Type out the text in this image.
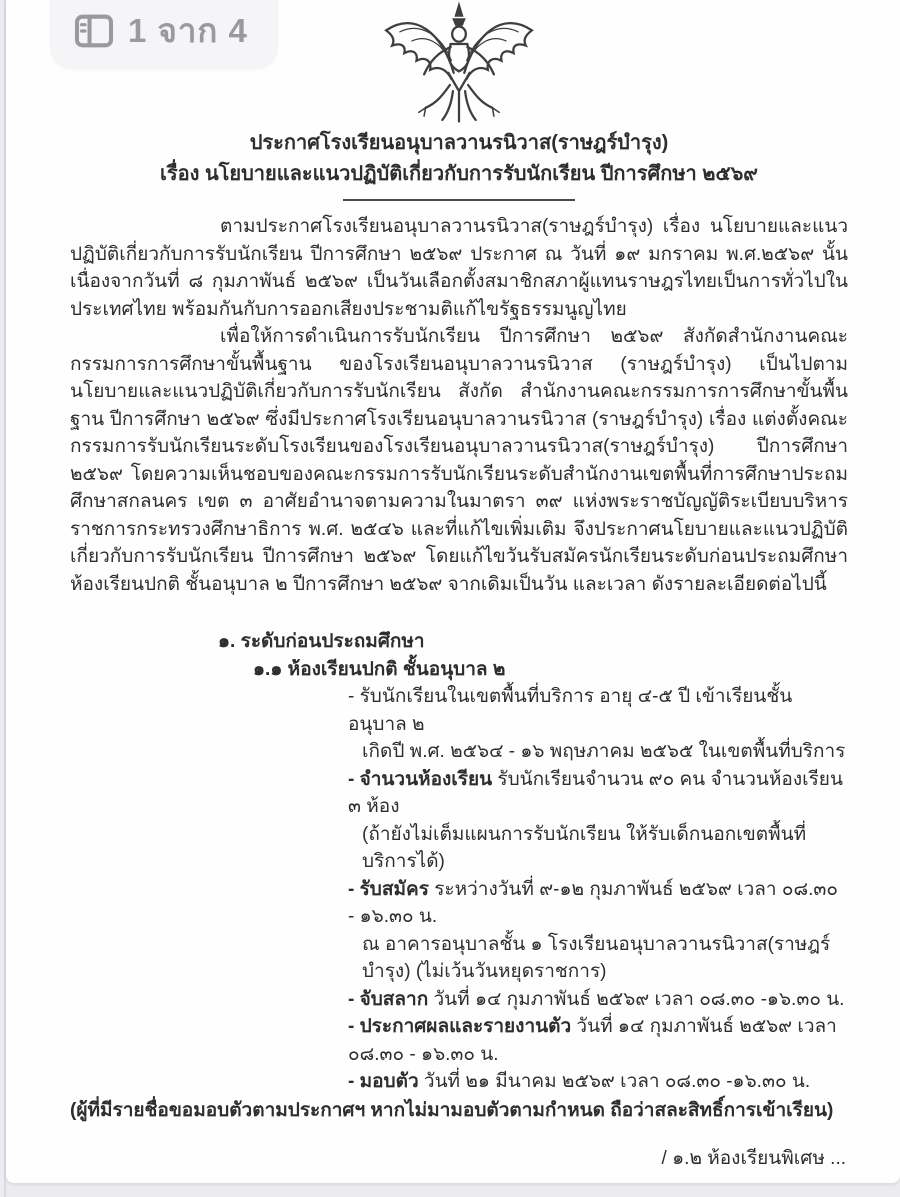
ประกาศโรงเรียนอนุบาลวานรนิวาส(ราษฎร์บำรุง)
เรื่อง นโยบายและแนวปฏิบัติเกี่ยวกับการรับนักเรียน ปีการศึกษา ๒๕๖๙
ตามประกาศโรงเรียนอนุบาลวานรนิวาส(ราษฎร์บำรุง) เรื่อง นโยบายและแนวปฏิบัติเกี่ยวกับการรับนักเรียน ปีการศึกษา ๒๕๖๙ ประกาศ ณ วันที่ ๑๙ มกราคม พ.ศ.๒๕๖๙ นั้น เนื่องจากวันที่ ๘ กุมภาพันธ์ ๒๕๖๙ เป็นวันเลือกตั้งสมาชิกสภาผู้แทนราษฎรไทยเป็นการทั่วไปในประเทศไทย พร้อมกันกับการออกเสียงประชามติแก้ไขรัฐธรรมนูญไทย
เพื่อให้การดำเนินการรับนักเรียน ปีการศึกษา ๒๕๖๙ สังกัดสำนักงานคณะกรรมการการศึกษาขั้นพื้นฐาน ของโรงเรียนอนุบาลวานรนิวาส (ราษฎร์บำรุง) เป็นไปตามนโยบายและแนวปฏิบัติเกี่ยวกับการรับนักเรียน สังกัด สำนักงานคณะกรรมการการศึกษาขั้นพื้นฐาน ปีการศึกษา ๒๕๖๙ ซึ่งมีประกาศโรงเรียนอนุบาลวานรนิวาส (ราษฎร์บำรุง) เรื่อง แต่งตั้งคณะกรรมการรับนักเรียนระดับโรงเรียนของโรงเรียนอนุบาลวานรนิวาส(ราษฎร์บำรุง) ปีการศึกษา ๒๕๖๙ โดยความเห็นชอบของคณะกรรมการรับนักเรียนระดับสำนักงานเขตพื้นที่การศึกษาประถมศึกษาสกลนคร เขต ๓ อาศัยอำนาจตามความในมาตรา ๓๙ แห่งพระราชบัญญัติระเบียบบริหารราชการกระทรวงศึกษาธิการ พ.ศ. ๒๕๔๖ และที่แก้ไขเพิ่มเติม จึงประกาศนโยบายและแนวปฏิบัติเกี่ยวกับการรับนักเรียน ปีการศึกษา ๒๕๖๙ โดยแก้ไขวันรับสมัครนักเรียนระดับก่อนประถมศึกษา ห้องเรียนปกติ ชั้นอนุบาล ๒ ปีการศึกษา ๒๕๖๙ จากเดิมเป็นวัน และเวลา ดังรายละเอียดต่อไปนี้
๑. ระดับก่อนประถมศึกษา
๑.๑ ห้องเรียนปกติ ชั้นอนุบาล ๒
- รับนักเรียนในเขตพื้นที่บริการ อายุ ๔-๕ ปี เข้าเรียนชั้นอนุบาล ๒
เกิดปี พ.ศ. ๒๕๖๔ - ๑๖ พฤษภาคม ๒๕๖๕ ในเขตพื้นที่บริการ
- จำนวนห้องเรียน รับนักเรียนจำนวน ๙๐ คน จำนวนห้องเรียน ๓ ห้อง
(ถ้ายังไม่เต็มแผนการรับนักเรียน ให้รับเด็กนอกเขตพื้นที่บริการได้)
- รับสมัคร ระหว่างวันที่ ๙-๑๒ กุมภาพันธ์ ๒๕๖๙ เวลา ๐๘.๓๐ - ๑๖.๓๐ น.
ณ อาคารอนุบาลชั้น ๑ โรงเรียนอนุบาลวานรนิวาส(ราษฎร์บำรุง) (ไม่เว้นวันหยุดราชการ)
- จับสลาก วันที่ ๑๔ กุมภาพันธ์ ๒๕๖๙ เวลา ๐๘.๓๐ -๑๖.๓๐ น.
- ประกาศผลและรายงานตัว วันที่ ๑๔ กุมภาพันธ์ ๒๕๖๙ เวลา ๐๘.๓๐ - ๑๖.๓๐ น.
- มอบตัว วันที่ ๒๑ มีนาคม ๒๕๖๙ เวลา ๐๘.๓๐ -๑๖.๓๐ น.
(ผู้ที่มีรายชื่อขอมอบตัวตามประกาศฯ หากไม่มามอบตัวตามกำหนด ถือว่าสละสิทธิ์การเข้าเรียน)
/ ๑.๒ ห้องเรียนพิเศษ ...
1 จาก 4
